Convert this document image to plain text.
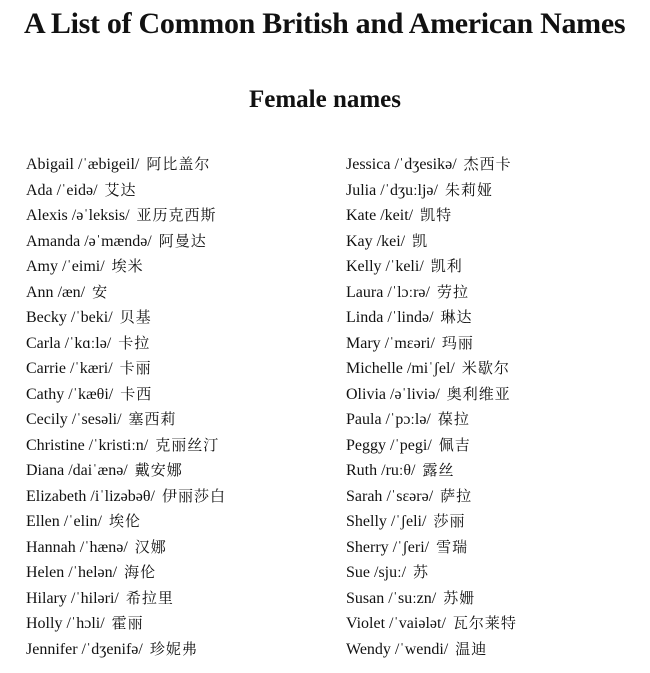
A List of Common British and American Names
Female names
Abigail /ˈæbigeil/ 阿比盖尔
Ada /ˈeidə/ 艾达
Alexis /əˈleksis/ 亚历克西斯
Amanda /əˈmændə/ 阿曼达
Amy /ˈeimi/ 埃米
Ann /æn/ 安
Becky /ˈbeki/ 贝基
Carla /ˈkɑːlə/ 卡拉
Carrie /ˈkæri/ 卡丽
Cathy /ˈkæθi/ 卡西
Cecily /ˈsesəli/ 塞西莉
Christine /ˈkristiːn/ 克丽丝汀
Diana /daiˈænə/ 戴安娜
Elizabeth /iˈlizəbəθ/ 伊丽莎白
Ellen /ˈelin/ 埃伦
Hannah /ˈhænə/ 汉娜
Helen /ˈhelən/ 海伦
Hilary /ˈhiləri/ 希拉里
Holly /ˈhɔli/ 霍丽
Jennifer /ˈdʒenifə/ 珍妮弗
Jessica /ˈdʒesikə/ 杰西卡
Julia /ˈdʒuːljə/ 朱莉娅
Kate /keit/ 凯特
Kay /kei/ 凯
Kelly /ˈkeli/ 凯利
Laura /ˈlɔːrə/ 劳拉
Linda /ˈlində/ 琳达
Mary /ˈmɛəri/ 玛丽
Michelle /miˈʃel/ 米歇尔
Olivia /əˈliviə/ 奥利维亚
Paula /ˈpɔːlə/ 葆拉
Peggy /ˈpegi/ 佩吉
Ruth /ruːθ/ 露丝
Sarah /ˈsɛərə/ 萨拉
Shelly /ˈʃeli/ 莎丽
Sherry /ˈʃeri/ 雪瑞
Sue /sjuː/ 苏
Susan /ˈsuːzn/ 苏姗
Violet /ˈvaiələt/ 瓦尔莱特
Wendy /ˈwendi/ 温迪
